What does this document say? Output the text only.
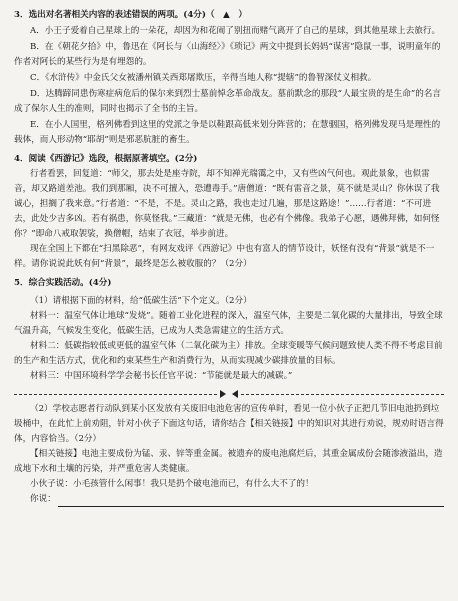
3．选出对名著相关内容的表述错误的两项。(4分)（　▲　）

A．小王子爱着自己星球上的一朵花，却因为和花闹了别扭而赌气离开了自己的星球，到其他星球上去旅行。

B．在《朝花夕拾》中，鲁迅在《阿长与〈山海经〉》《琐记》两文中提到长妈妈“谋害”隐鼠一事，说明童年的作者对阿长的某些行为是有埋怨的。

C．《水浒传》中金氏父女被潘州镇关西郑屠欺压，辛得当地人称“提辖”的鲁智深仗义相救。

D．达腾蹄同患伤寒症病危后的保尔来到烈士墓前悼念革命战友。墓前默念的那段“人最宝贵的是生命”的名言成了保尔人生的准则，同时也揭示了全书的主旨。

E．在小人国里，格列佛看到这里的党派之争是以鞋跟高低来划分阵营的；在慧骃国，格列佛发现马是理性的载体，而人形动物“耶胡”则是邪恶肮脏的畜生。

4．阅读《西游记》选段，根据原著填空。(2分)

行者看罢，回复道：“师父，那去处是座寺院，却不知禅光瑞霭之中，又有些凶气何也。观此景象，也似雷音，却又路道差池。我们到那厢，决不可擅入，恐遭毒手。”唐僧道：“既有雷音之景，莫不就是灵山？你休误了我诚心，担搁了我来意。”行者道：“不是，不是。灵山之路，我也走过几遍，那是这路途！”……行者道：“不可进去，此处少吉多凶。若有祸患，你莫怪我。”三藏道：“就是无佛，也必有个佛像。我弟子心愿，遇佛拜佛，如何怪你？”即命八戒取袈裟，换僧帽，结束了衣冠，举步前进。

现在全国上下都在“扫黑除恶”，有网友戏评《西游记》中也有富人的情节设计，妖怪有没有“背景”就是不一样。请你说说此妖有何“背景”，最终是怎么被收服的？（2分）

5．综合实践活动。(4分)

（1）请根据下面的材料，给“低碳生活”下个定义。（2分）

材料一：温室气体让地球“发烧”。随着工业化进程的深入，温室气体，主要是二氧化碳的大量排出，导致全球气温升高，气候发生变化，低碳生活，已成为人类急需建立的生活方式。

材料二：低碳指较低或更低的温室气体（二氧化碳为主）排放。全球变暖等气候问题致使人类不得不考虑目前的生产和生活方式，优化和约束某些生产和消费行为，从而实现减少碳排放量的目标。

材料三：中国环境科学学会秘书长任官平说：“节能就是最大的减碳。”

（2）学校志愿者行动队到某小区发放有关废旧电池危害的宣传单时，看见一位小伙子正把几节旧电池扔到垃圾桶中，在此忙上前劝阻，针对小伙子下面这句话，请你结合【相关链接】中的知识对其进行劝说，规劝时语言得体，内容恰当。（2分）

【相关链接】电池主要成份为锰、汞、锌等重金属。被遗弃的废电池腐烂后，其重金属成份会随渗液溢出，造成地下水和土壤的污染，并严重危害人类健康。

小伙子说：小毛孩管什么闲事！我只是扔个破电池而已，有什么大不了的！

你说：
